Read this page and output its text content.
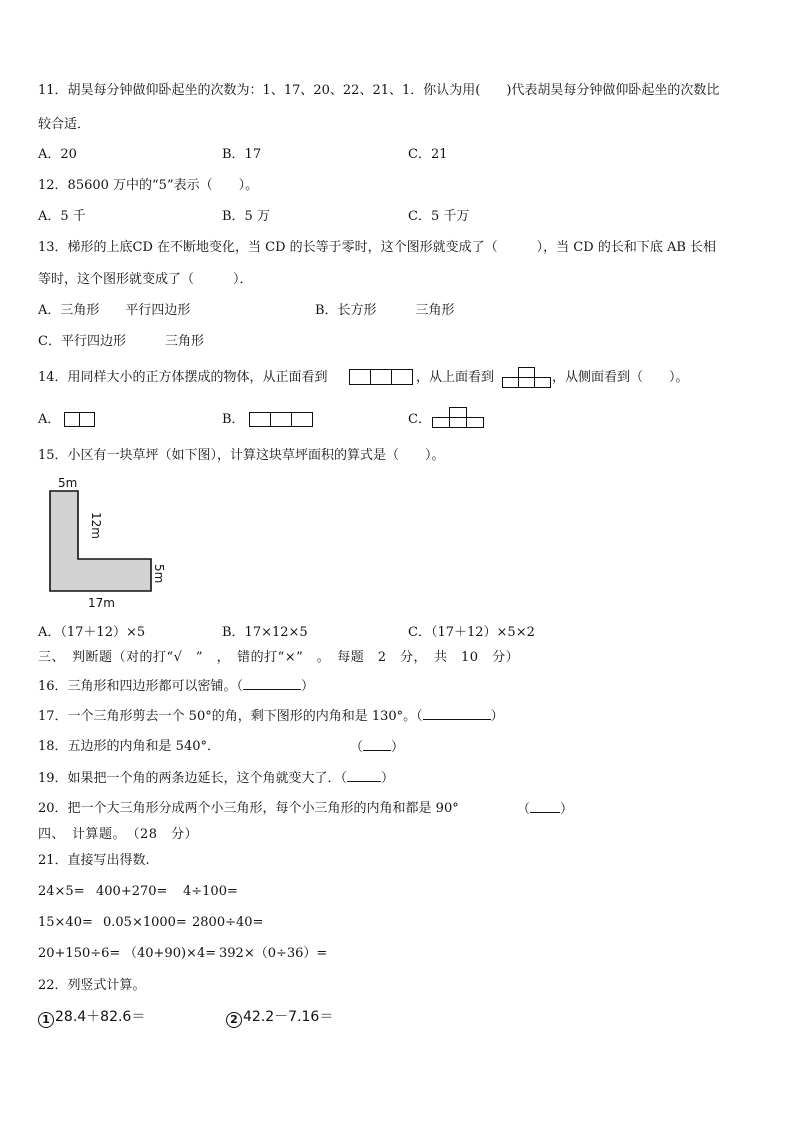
11．胡昊每分钟做仰卧起坐的次数为：1、17、20、22、21、1．你认为用(　　)代表胡昊每分钟做仰卧起坐的次数比
较合适．
A．20	B．17	C．21
12．85600 万中的“5”表示（　　）。
A．5 千	B．5 万	C．5 千万
13．梯形的上底CD 在不断地变化，当 CD 的长等于零时，这个图形就变成了（　　　），当 CD 的长和下底 AB 长相
等时，这个图形就变成了（　　　）．
A．三角形　　平行四边形	B．长方形　　　三角形
C．平行四边形　　　三角形
14．用同样大小的正方体摆成的物体，从正面看到	，从上面看到	，从侧面看到（　　）。
A．	B．	C．
15．小区有一块草坪（如下图），计算这块草坪面积的算式是（　　）。
5m
12m
5m
17m
A．（17＋12）×5	B．17×12×5	C．（17＋12）×5×2
三、　判断题（对的打“√　”　，　错的打“×”　。　每题　2　分，　共　10　分）
16．三角形和四边形都可以密铺。（	）
17．一个三角形剪去一个 50°的角，剩下图形的内角和是 130°。（	）
18．五边形的内角和是 540°．	（ ）
19．如果把一个角的两条边延长，这个角就变大了．（	）
20．把一个大三角形分成两个小三角形，每个小三角形的内角和都是 90°	（ ）
四、　计算题。　（28　分）
21．直接写出得数.
24×5= 400+270= 4÷100=
15×40= 0.05×1000= 2800÷40=
20+150÷6= （40+90)×4= 392×（0÷36）=
22．列竖式计算。
1 28.4＋82.6＝	2 42.2－7.16＝
